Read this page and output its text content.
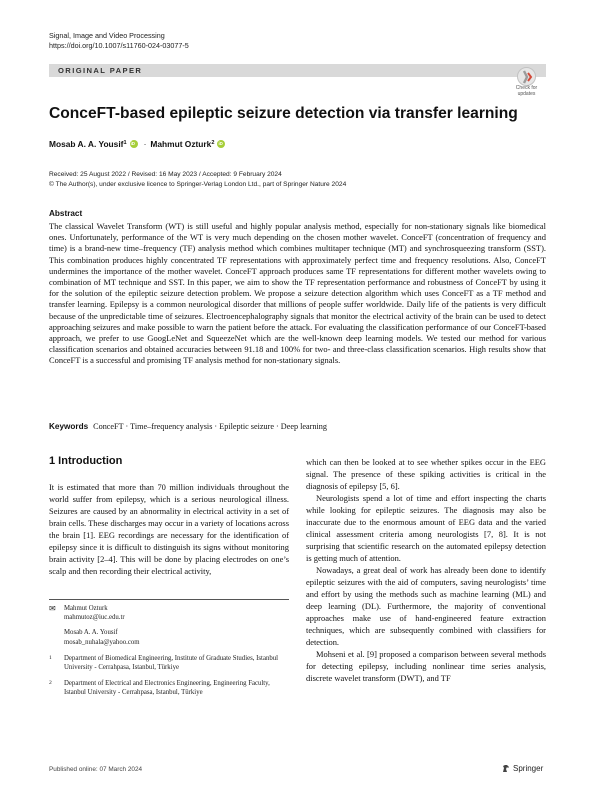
Signal, Image and Video Processing
https://doi.org/10.1007/s11760-024-03077-5
ORIGINAL PAPER
Check for
updates
ConceFT-based epileptic seizure detection via transfer learning
Mosab A. A. Yousif 1
iD · Mahmut Ozturk 2
iD
Received: 25 August 2022 / Revised: 16 May 2023 / Accepted: 9 February 2024
© The Author(s), under exclusive licence to Springer-Verlag London Ltd., part of Springer Nature 2024
Abstract

The classical Wavelet Transform (WT) is still useful and highly popular analysis method, especially for non-stationary signals like biomedical ones. Unfortunately, performance of the WT is very much depending on the chosen mother wavelet. ConceFT (concentration of frequency and time) is a brand-new time–frequency (TF) analysis method which combines multitaper technique (MT) and synchrosqueezing transform (SST). This combination produces highly concentrated TF representations with approximately perfect time and frequency resolutions. Also, ConceFT undermines the importance of the mother wavelet. ConceFT approach produces same TF representations for different mother wavelets owing to combination of MT technique and SST. In this paper, we aim to show the TF representation performance and robustness of ConceFT by using it for the solution of the epileptic seizure detection problem. We propose a seizure detection algorithm which uses ConceFT as a TF method and transfer learning. Epilepsy is a common neurological disorder that millions of people suffer worldwide. Daily life of the patients is very difficult because of the unpredictable time of seizures. Electroencephalography signals that monitor the electrical activity of the brain can be used to detect approaching seizures and make possible to warn the patient before the attack. For evaluating the classification performance of our ConceFT-based approach, we prefer to use GoogLeNet and SqueezeNet which are the well-known deep learning models. We tested our method for various classification scenarios and obtained accuracies between 91.18 and 100% for two- and three-class classification scenarios. High results show that ConceFT is a successful and promising TF analysis method for non-stationary signals.

Keywords ConceFT · Time–frequency analysis · Epileptic seizure · Deep learning
1 Introduction

It is estimated that more than 70 million individuals throughout the world suffer from epilepsy, which is a serious neurological illness. Seizures are caused by an abnormality in electrical activity in a set of brain cells. These discharges may occur in a variety of locations across the brain [1]. EEG recordings are necessary for the identification of epilepsy since it is difficult to distinguish its signs without monitoring brain activity [2–4]. This will be done by placing electrodes on one’s scalp and then recording their electrical activity,

✉	Mahmut Ozturk
mahmutoz@iuc.edu.tr
Mosab A. A. Yousif
mosab_nuhala@yahoo.com
1	Department of Biomedical Engineering, Institute of Graduate Studies, Istanbul University - Cerrahpasa, Istanbul, Türkiye
2	Department of Electrical and Electronics Engineering, Engineering Faculty, Istanbul University - Cerrahpasa, Istanbul, Türkiye

which can then be looked at to see whether spikes occur in the EEG signal. The presence of these spiking activities is critical in the diagnosis of epilepsy [5, 6].

Neurologists spend a lot of time and effort inspecting the charts while looking for epileptic seizures. The diagnosis may also be inaccurate due to the enormous amount of EEG data and the varied clinical assessment criteria among neurologists [7, 8]. It is not surprising that scientific research on the automated epilepsy detection is getting much of attention.

Nowadays, a great deal of work has already been done to identify epileptic seizures with the aid of computers, saving neurologists’ time and effort by using the methods such as machine learning (ML) and deep learning (DL). Furthermore, the majority of conventional approaches make use of hand-engineered feature extraction techniques, which are subsequently combined with classifiers for detection.

Mohseni et al. [9] proposed a comparison between several methods for detecting epilepsy, including nonlinear time series analysis, discrete wavelet transform (DWT), and TF

Published online: 07 March 2024	Springer
